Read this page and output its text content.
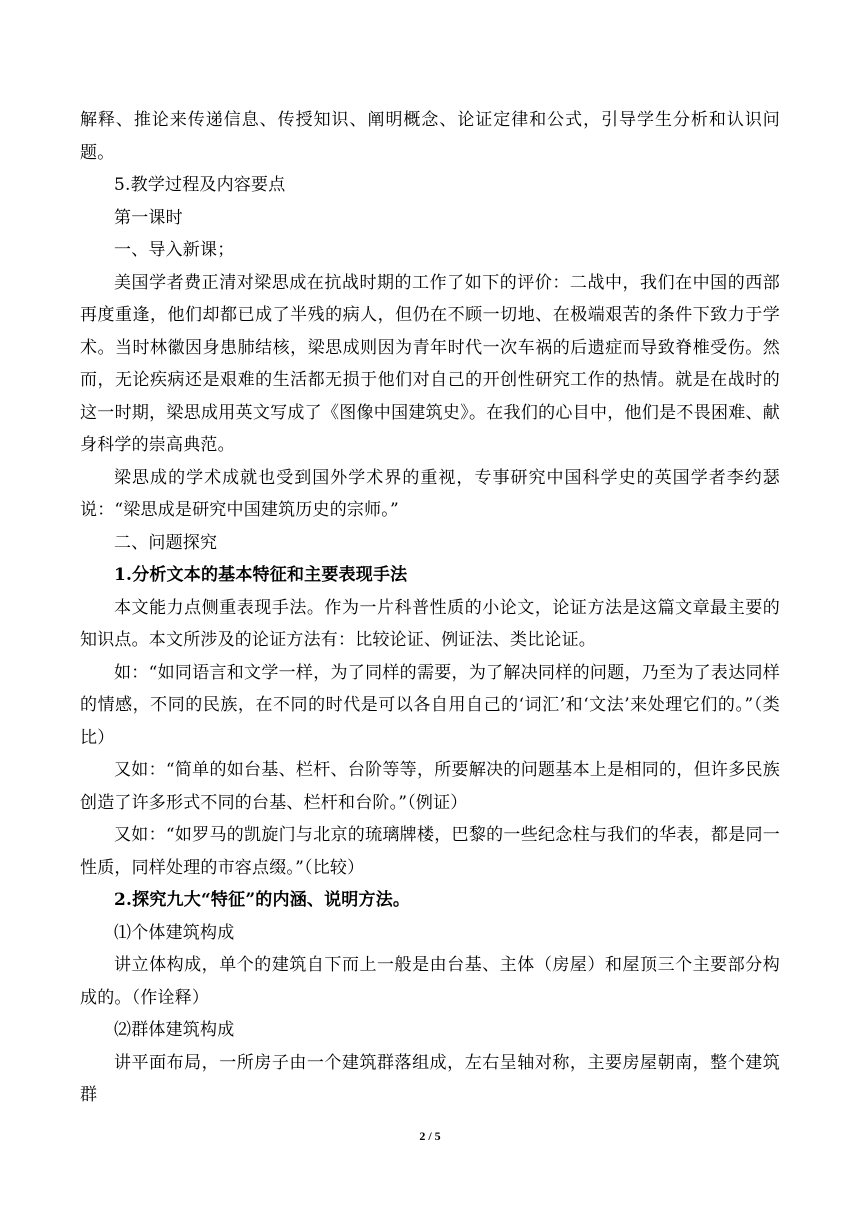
解释、推论来传递信息、传授知识、阐明概念、论证定律和公式，引导学生分析和认识问题。

5.教学过程及内容要点

第一课时

一、导入新课；

美国学者费正清对梁思成在抗战时期的工作了如下的评价：二战中，我们在中国的西部再度重逢，他们却都已成了半残的病人，但仍在不顾一切地、在极端艰苦的条件下致力于学术。当时林徽因身患肺结核，梁思成则因为青年时代一次车祸的后遗症而导致脊椎受伤。然而，无论疾病还是艰难的生活都无损于他们对自己的开创性研究工作的热情。就是在战时的这一时期，梁思成用英文写成了《图像中国建筑史》。在我们的心目中，他们是不畏困难、献身科学的崇高典范。

梁思成的学术成就也受到国外学术界的重视，专事研究中国科学史的英国学者李约瑟说：“梁思成是研究中国建筑历史的宗师。”

二、问题探究

1.分析文本的基本特征和主要表现手法

本文能力点侧重表现手法。作为一片科普性质的小论文，论证方法是这篇文章最主要的知识点。本文所涉及的论证方法有：比较论证、例证法、类比论证。

如：“如同语言和文学一样，为了同样的需要，为了解决同样的问题，乃至为了表达同样的情感，不同的民族，在不同的时代是可以各自用自己的‘词汇’和‘文法’来处理它们的。”（类比）

又如：“简单的如台基、栏杆、台阶等等，所要解决的问题基本上是相同的，但许多民族创造了许多形式不同的台基、栏杆和台阶。”（例证）

又如：“如罗马的凯旋门与北京的琉璃牌楼，巴黎的一些纪念柱与我们的华表，都是同一性质，同样处理的市容点缀。”（比较）

2.探究九大“特征”的内涵、说明方法。

⑴个体建筑构成

讲立体构成，单个的建筑自下而上一般是由台基、主体（房屋）和屋顶三个主要部分构成的。（作诠释）

⑵群体建筑构成

讲平面布局，一所房子由一个建筑群落组成，左右呈轴对称，主要房屋朝南，整个建筑群

2 / 5
